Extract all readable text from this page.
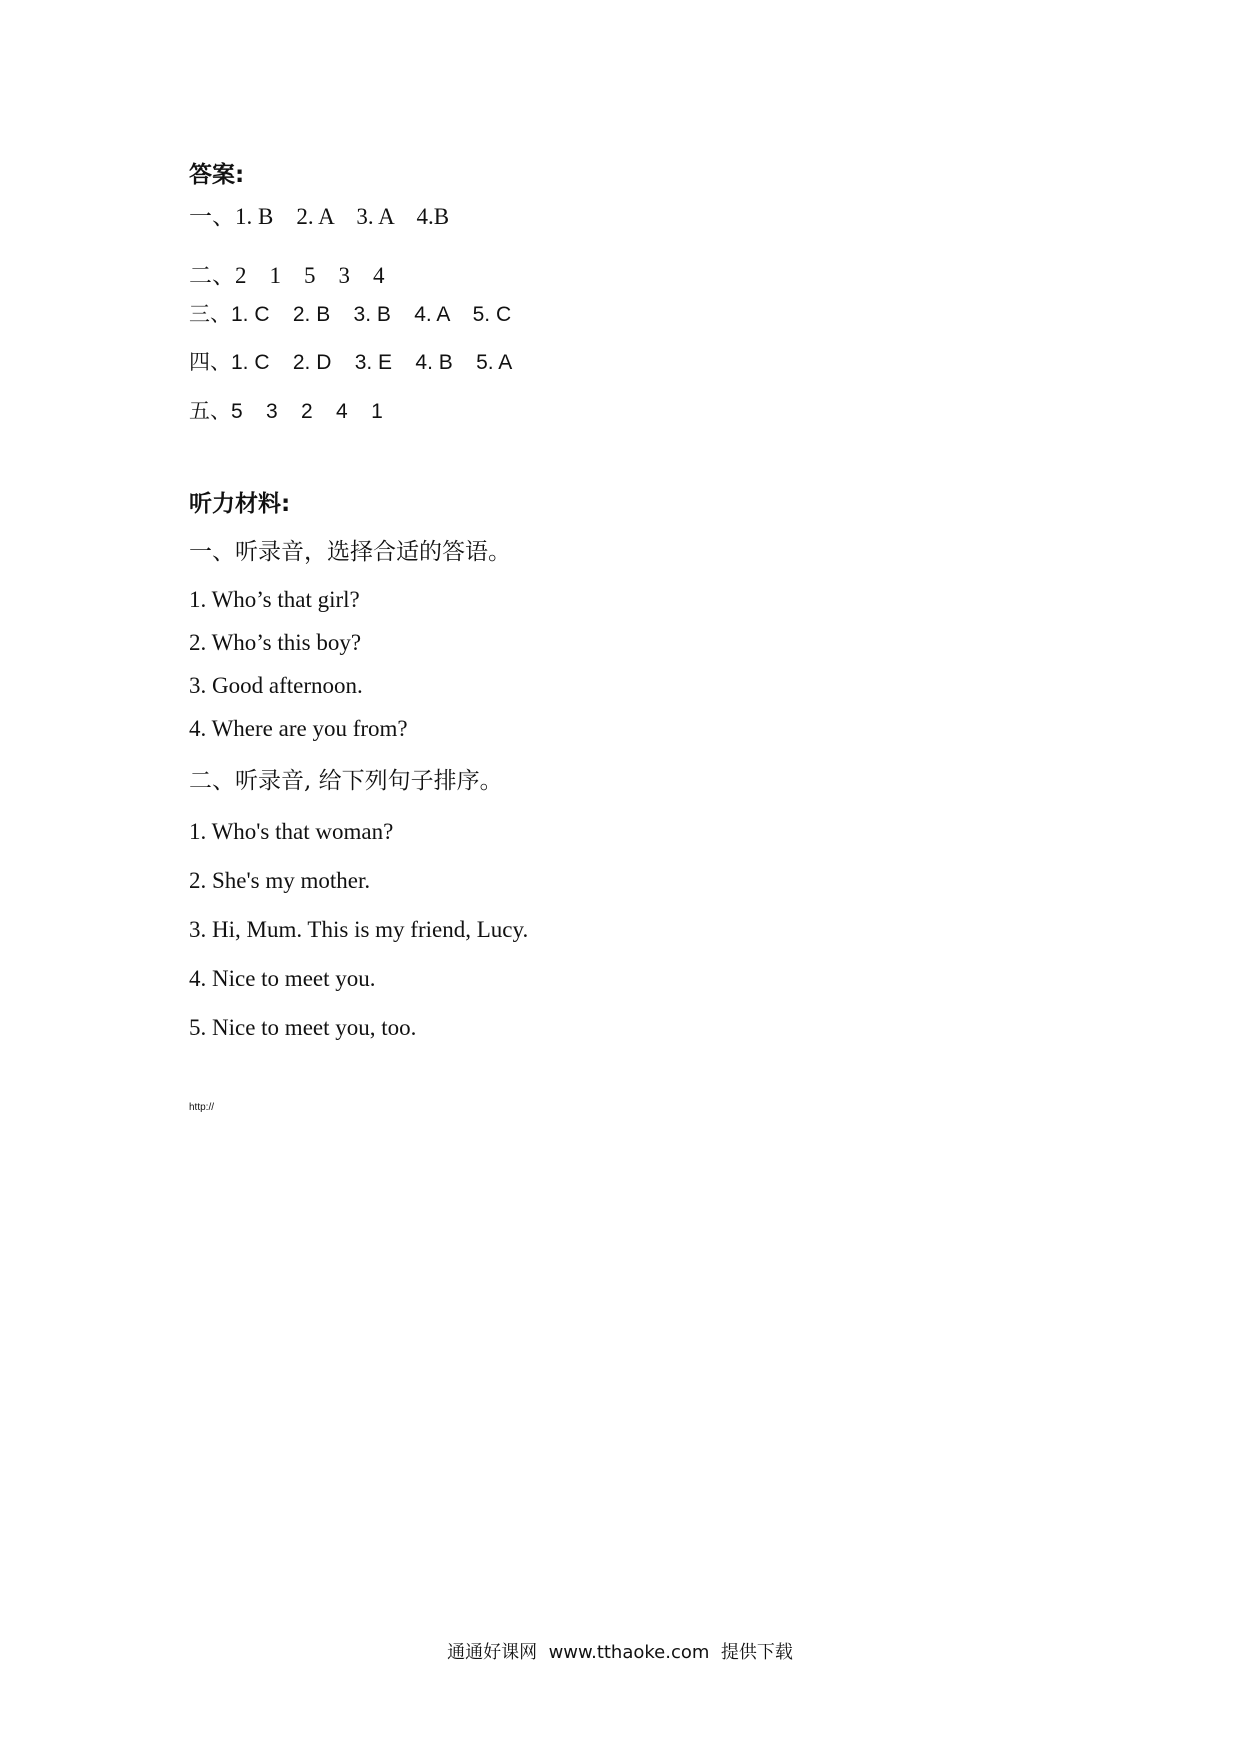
答案:
一、1. B    2. A    3. A    4.B
二、2    1    5    3    4
三、1. C    2. B    3. B    4. A    5. C
四、1. C    2. D    3. E    4. B    5. A
五、5    3    2    4    1
听力材料:
一、听录音，选择合适的答语。
1. Who’s that girl?
2. Who’s this boy?
3. Good afternoon.
4. Where are you from?
二、听录音, 给下列句子排序。
1. Who's that woman?
2. She's my mother.
3. Hi, Mum. This is my friend, Lucy.
4. Nice to meet you.
5. Nice to meet you, too.
http://
通通好课网  www.tthaoke.com  提供下载
